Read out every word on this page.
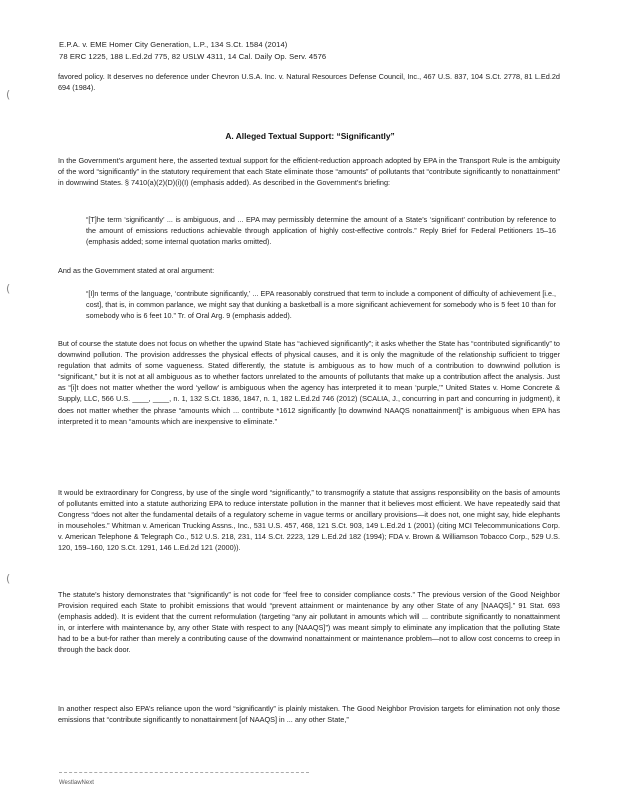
(
(
(
E.P.A. v. EME Homer City Generation, L.P., 134 S.Ct. 1584 (2014)
78 ERC 1225, 188 L.Ed.2d 775, 82 USLW 4311, 14 Cal. Daily Op. Serv. 4576
favored policy. It deserves no deference under Chevron U.S.A. Inc. v. Natural Resources Defense Council, Inc., 467 U.S. 837, 104 S.Ct. 2778, 81 L.Ed.2d 694 (1984).
A. Alleged Textual Support: “Significantly”
In the Government’s argument here, the asserted textual support for the efficient-reduction approach adopted by EPA in the Transport Rule is the ambiguity of the word “significantly” in the statutory requirement that each State eliminate those “amounts” of pollutants that “contribute significantly to nonattainment” in downwind States. § 7410(a)(2)(D)(i)(I) (emphasis added). As described in the Government’s briefing:
“[T]he term ‘significantly’ ... is ambiguous, and ... EPA may permissibly determine the amount of a State’s ‘significant’ contribution by reference to the amount of emissions reductions achievable through application of highly cost-effective controls.” Reply Brief for Federal Petitioners 15–16 (emphasis added; some internal quotation marks omitted).
And as the Government stated at oral argument:
“[I]n terms of the language, ‘contribute significantly,’ ... EPA reasonably construed that term to include a component of difficulty of achievement [i.e., cost], that is, in common parlance, we might say that dunking a basketball is a more significant achievement for somebody who is 5 feet 10 than for somebody who is 6 feet 10.” Tr. of Oral Arg. 9 (emphasis added).
But of course the statute does not focus on whether the upwind State has “achieved significantly”; it asks whether the State has “contributed significantly” to downwind pollution. The provision addresses the physical effects of physical causes, and it is only the magnitude of the relationship sufficient to trigger regulation that admits of some vagueness. Stated differently, the statute is ambiguous as to how much of a contribution to downwind pollution is “significant,” but it is not at all ambiguous as to whether factors unrelated to the amounts of pollutants that make up a contribution affect the analysis. Just as “[i]t does not matter whether the word ‘yellow’ is ambiguous when the agency has interpreted it to mean ‘purple,’” United States v. Home Concrete & Supply, LLC, 566 U.S. ____, ____, n. 1, 132 S.Ct. 1836, 1847, n. 1, 182 L.Ed.2d 746 (2012) (SCALIA, J., concurring in part and concurring in judgment), it does not matter whether the phrase “amounts which ... contribute *1612 significantly [to downwind NAAQS nonattainment]” is ambiguous when EPA has interpreted it to mean “amounts which are inexpensive to eliminate.”
It would be extraordinary for Congress, by use of the single word “significantly,” to transmogrify a statute that assigns responsibility on the basis of amounts of pollutants emitted into a statute authorizing EPA to reduce interstate pollution in the manner that it believes most efficient. We have repeatedly said that Congress “does not alter the fundamental details of a regulatory scheme in vague terms or ancillary provisions—it does not, one might say, hide elephants in mouseholes.” Whitman v. American Trucking Assns., Inc., 531 U.S. 457, 468, 121 S.Ct. 903, 149 L.Ed.2d 1 (2001) (citing MCI Telecommunications Corp. v. American Telephone & Telegraph Co., 512 U.S. 218, 231, 114 S.Ct. 2223, 129 L.Ed.2d 182 (1994); FDA v. Brown & Williamson Tobacco Corp., 529 U.S. 120, 159–160, 120 S.Ct. 1291, 146 L.Ed.2d 121 (2000)).
The statute’s history demonstrates that “significantly” is not code for “feel free to consider compliance costs.” The previous version of the Good Neighbor Provision required each State to prohibit emissions that would “prevent attainment or maintenance by any other State of any [NAAQS].” 91 Stat. 693 (emphasis added). It is evident that the current reformulation (targeting “any air pollutant in amounts which will ... contribute significantly to nonattainment in, or interfere with maintenance by, any other State with respect to any [NAAQS]”) was meant simply to eliminate any implication that the polluting State had to be a but-for rather than merely a contributing cause of the downwind nonattainment or maintenance problem—not to allow cost concerns to creep in through the back door.
In another respect also EPA’s reliance upon the word “significantly” is plainly mistaken. The Good Neighbor Provision targets for elimination not only those emissions that “contribute significantly to nonattainment [of NAAQS] in ... any other State,”
WestlawNext
